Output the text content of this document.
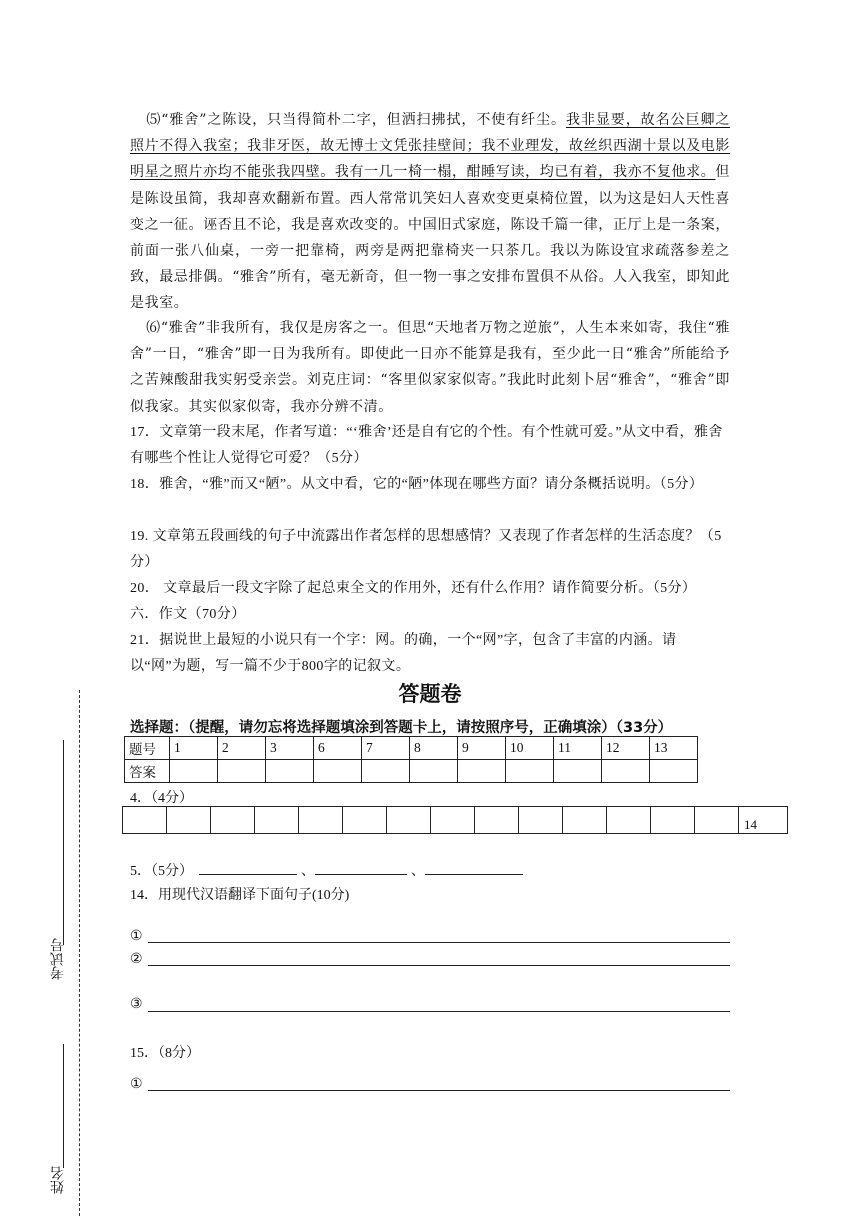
⑸“雅舍”之陈设，只当得简朴二字，但洒扫拂拭，不使有纤尘。我非显要，故名公巨卿之照片不得入我室；我非牙医，故无博士文凭张挂壁间；我不业理发，故丝织西湖十景以及电影明星之照片亦均不能张我四壁。我有一几一椅一榻，酣睡写读，均已有着，我亦不复他求。但是陈设虽简，我却喜欢翻新布置。西人常常讥笑妇人喜欢变更桌椅位置，以为这是妇人天性喜变之一征。诬否且不论，我是喜欢改变的。中国旧式家庭，陈设千篇一律，正厅上是一条案，前面一张八仙桌，一旁一把靠椅，两旁是两把靠椅夹一只茶几。我以为陈设宜求疏落参差之致，最忌排偶。“雅舍”所有，毫无新奇，但一物一事之安排布置俱不从俗。人入我室，即知此是我室。
⑹“雅舍”非我所有，我仅是房客之一。但思“天地者万物之逆旅”，人生本来如寄，我住“雅舍”一日，“雅舍”即一日为我所有。即使此一日亦不能算是我有，至少此一日“雅舍”所能给予之苦辣酸甜我实躬受亲尝。刘克庄词：“客里似家家似寄。”我此时此刻卜居“雅舍”，“雅舍”即似我家。其实似家似寄，我亦分辨不清。
17．文章第一段末尾，作者写道：“‘雅舍’还是自有它的个性。有个性就可爱。”从文中看，雅舍有哪些个性让人觉得它可爱？（5分）
18．雅舍，“雅”而又“陋”。从文中看，它的“陋”体现在哪些方面？请分条概括说明。（5分）
19. 文章第五段画线的句子中流露出作者怎样的思想感情？又表现了作者怎样的生活态度？（5分）
20． 文章最后一段文字除了起总束全文的作用外，还有什么作用？请作简要分析。（5分）
六．作文（70分）
21．据说世上最短的小说只有一个字：网。的确，一个“网”字，包含了丰富的内涵。请以“网”为题，写一篇不少于800字的记叙文。
答题卷
选择题：（提醒，请勿忘将选择题填涂到答题卡上，请按照序号，正确填涂）（33分）
题号	1	2	3	6	7	8	9	10	11	12	13
答案											
4．（4分）
														14
5．（5分）	、	、
14．用现代汉语翻译下面句子(10分)
①
②
③
15．（8分）
①
考试号
姓名
